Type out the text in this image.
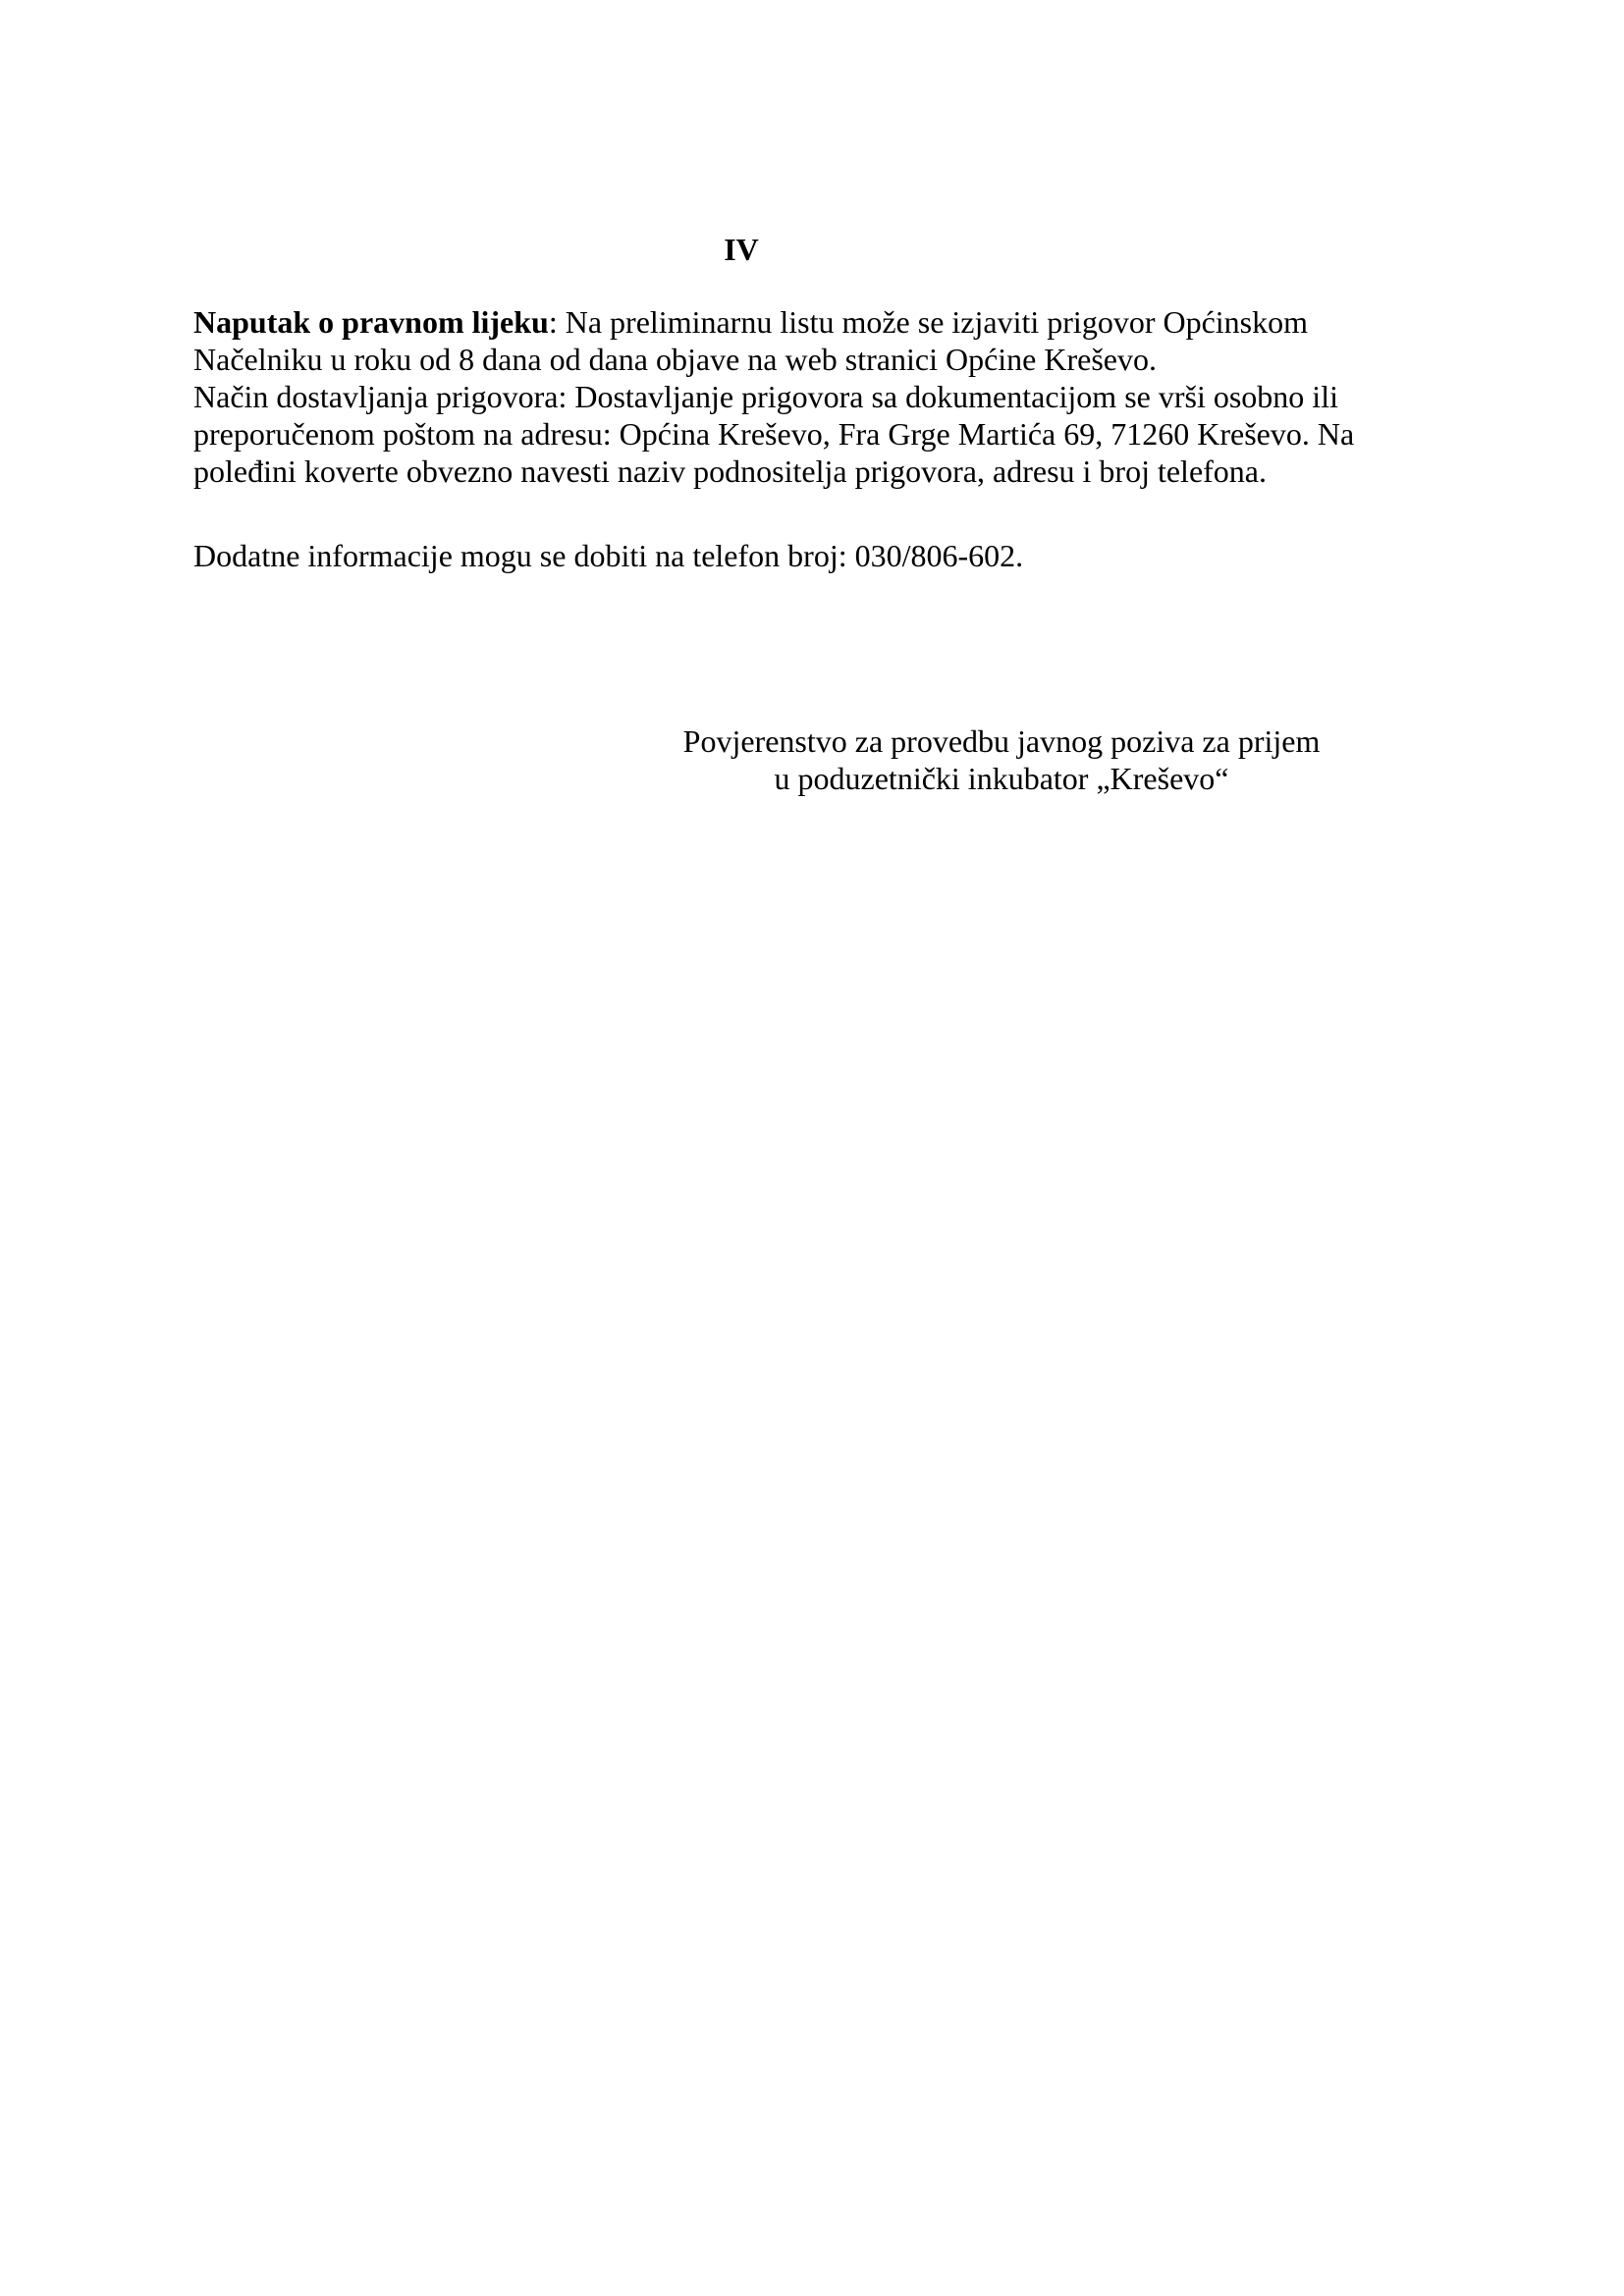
IV

Naputak o pravnom lijeku: Na preliminarnu listu može se izjaviti prigovor Općinskom

Načelniku u roku od 8 dana od dana objave na web stranici Općine Kreševo.

Način dostavljanja prigovora: Dostavljanje prigovora sa dokumentacijom se vrši osobno ili

preporučenom poštom na adresu: Općina Kreševo, Fra Grge Martića 69, 71260 Kreševo. Na

poleđini koverte obvezno navesti naziv podnositelja prigovora, adresu i broj telefona.

Dodatne informacije mogu se dobiti na telefon broj: 030/806-602.

Povjerenstvo za provedbu javnog poziva za prijem

u poduzetnički inkubator „Kreševo“
